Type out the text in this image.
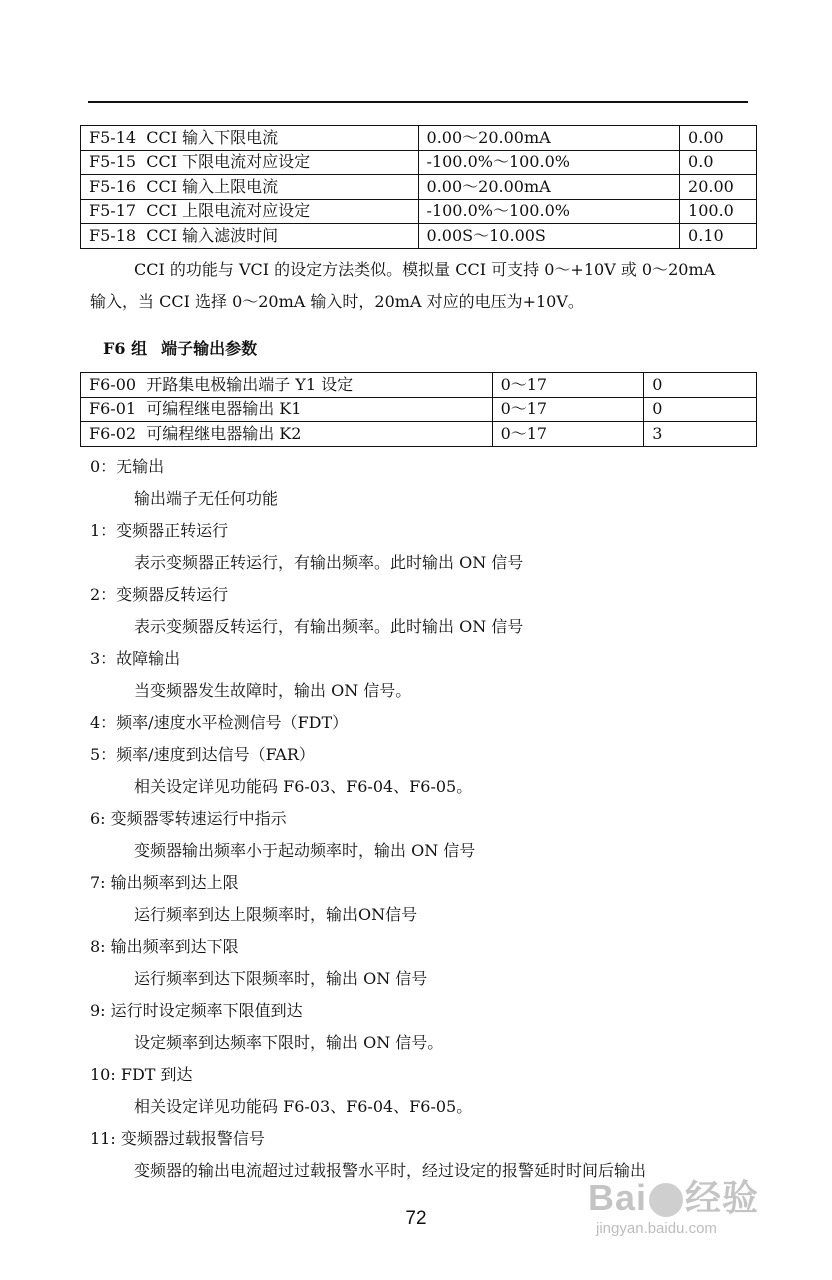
F5-14 CCI 输入下限电流	0.00～20.00mA	0.00
F5-15 CCI 下限电流对应设定	-100.0%～100.0%	0.0
F5-16 CCI 输入上限电流	0.00～20.00mA	20.00
F5-17 CCI 上限电流对应设定	-100.0%～100.0%	100.0
F5-18 CCI 输入滤波时间	0.00S～10.00S	0.10
CCI 的功能与 VCI 的设定方法类似。模拟量 CCI 可支持 0～+10V 或 0～20mA
输入，当 CCI 选择 0～20mA 输入时，20mA 对应的电压为+10V。
F6 组 端子输出参数
F6-00 开路集电极输出端子 Y1 设定	0～17	0
F6-01 可编程继电器输出 K1	0～17	0
F6-02 可编程继电器输出 K2	0～17	3
0：无输出
输出端子无任何功能
1：变频器正转运行
表示变频器正转运行，有输出频率。此时输出 ON 信号
2：变频器反转运行
表示变频器反转运行，有输出频率。此时输出 ON 信号
3：故障输出
当变频器发生故障时，输出 ON 信号。
4：频率/速度水平检测信号（FDT）
5：频率/速度到达信号（FAR）
相关设定详见功能码 F6-03、F6-04、F6-05。
6: 变频器零转速运行中指示
变频器输出频率小于起动频率时，输出 ON 信号
7: 输出频率到达上限
运行频率到达上限频率时，输出ON信号
8: 输出频率到达下限
运行频率到达下限频率时，输出 ON 信号
9: 运行时设定频率下限值到达
设定频率到达频率下限时，输出 ON 信号。
10: FDT 到达
相关设定详见功能码 F6-03、F6-04、F6-05。
11: 变频器过载报警信号
变频器的输出电流超过过载报警水平时，经过设定的报警延时时间后输出
Bai 经验
jingyan.baidu.com
72
